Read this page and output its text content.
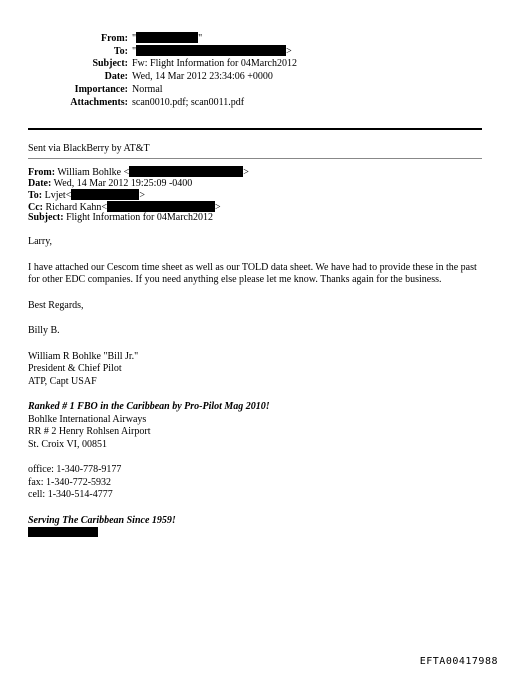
From: "	"
To: "	>
Subject: Fw: Flight Information for 04March2012
Date: Wed, 14 Mar 2012 23:34:06 +0000
Importance: Normal
Attachments: scan0010.pdf; scan0011.pdf
Sent via BlackBerry by AT&T
From: William Bohlke <	>
Date: Wed, 14 Mar 2012 19:25:09 -0400
To: Lvjet<	>
Cc: Richard Kahn<	>
Subject: Flight Information for 04March2012

Larry,

I have attached our Cescom time sheet as well as our TOLD data sheet. We have had to provide these in the past for other EDC companies. If you need anything else please let me know. Thanks again for the business.

Best Regards,

Billy B.

William R Bohlke "Bill Jr."

President & Chief Pilot

ATP, Capt USAF

Ranked # 1 FBO in the Caribbean by Pro-Pilot Mag 2010!

Bohlke International Airways

RR # 2 Henry Rohlsen Airport

St. Croix VI, 00851

office: 1-340-778-9177

fax: 1-340-772-5932

cell: 1-340-514-4777

Serving The Caribbean Since 1959!

EFTA00417988
